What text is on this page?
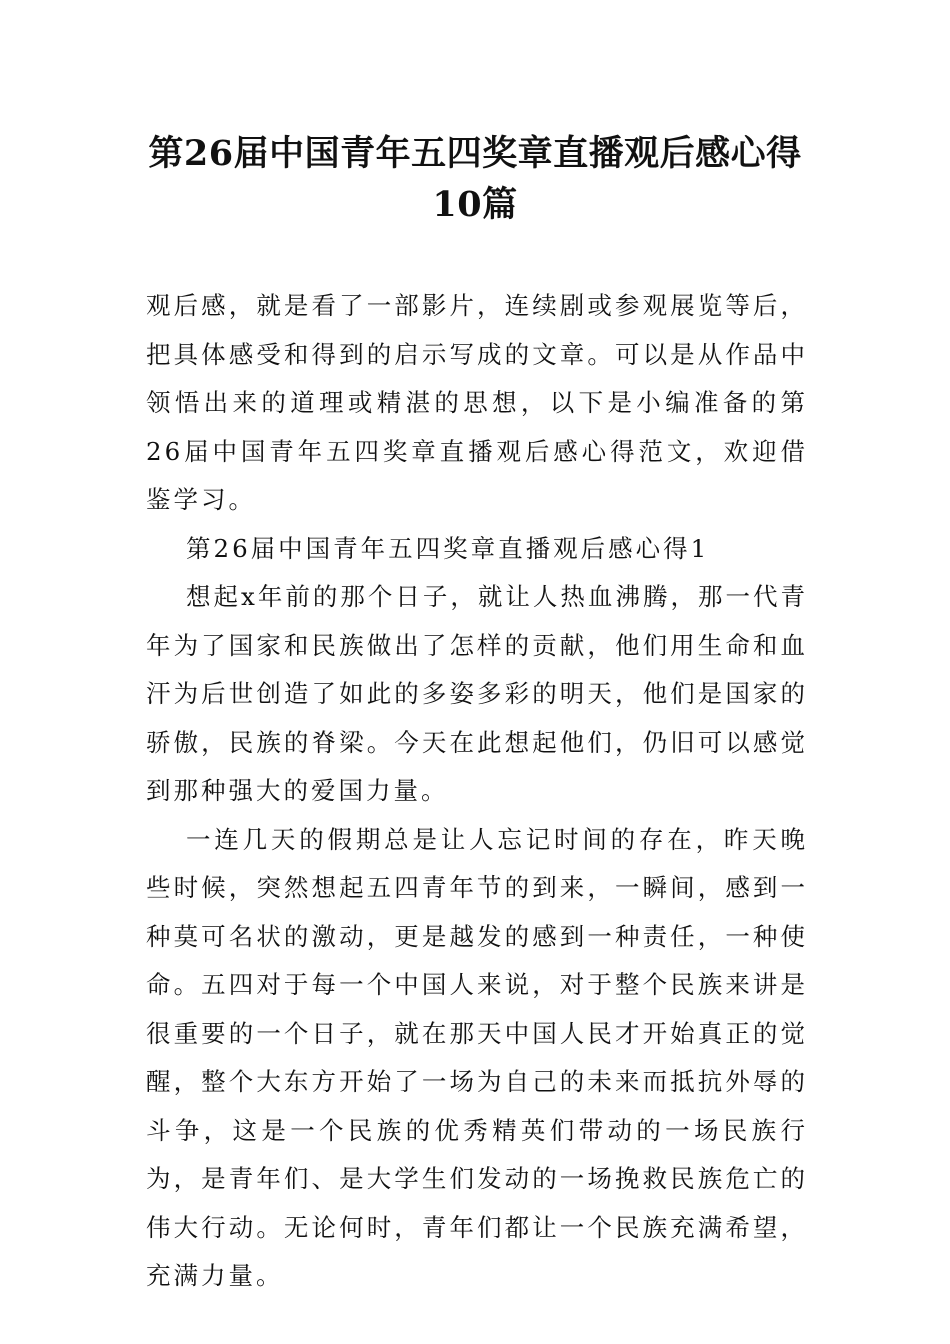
第26届中国青年五四奖章直播观后感心得
10篇

观后感，就是看了一部影片，连续剧或参观展览等后，把具体感受和得到的启示写成的文章。可以是从作品中领悟出来的道理或精湛的思想，以下是小编准备的第26届中国青年五四奖章直播观后感心得范文，欢迎借鉴学习。

第26届中国青年五四奖章直播观后感心得1

想起x年前的那个日子，就让人热血沸腾，那一代青年为了国家和民族做出了怎样的贡献，他们用生命和血汗为后世创造了如此的多姿多彩的明天，他们是国家的骄傲，民族的脊梁。今天在此想起他们，仍旧可以感觉到那种强大的爱国力量。

一连几天的假期总是让人忘记时间的存在，昨天晚些时候，突然想起五四青年节的到来，一瞬间，感到一种莫可名状的激动，更是越发的感到一种责任，一种使命。五四对于每一个中国人来说，对于整个民族来讲是很重要的一个日子，就在那天中国人民才开始真正的觉醒，整个大东方开始了一场为自己的未来而抵抗外辱的斗争，这是一个民族的优秀精英们带动的一场民族行为，是青年们、是大学生们发动的一场挽救民族危亡的伟大行动。无论何时，青年们都让一个民族充满希望，充满力量。
